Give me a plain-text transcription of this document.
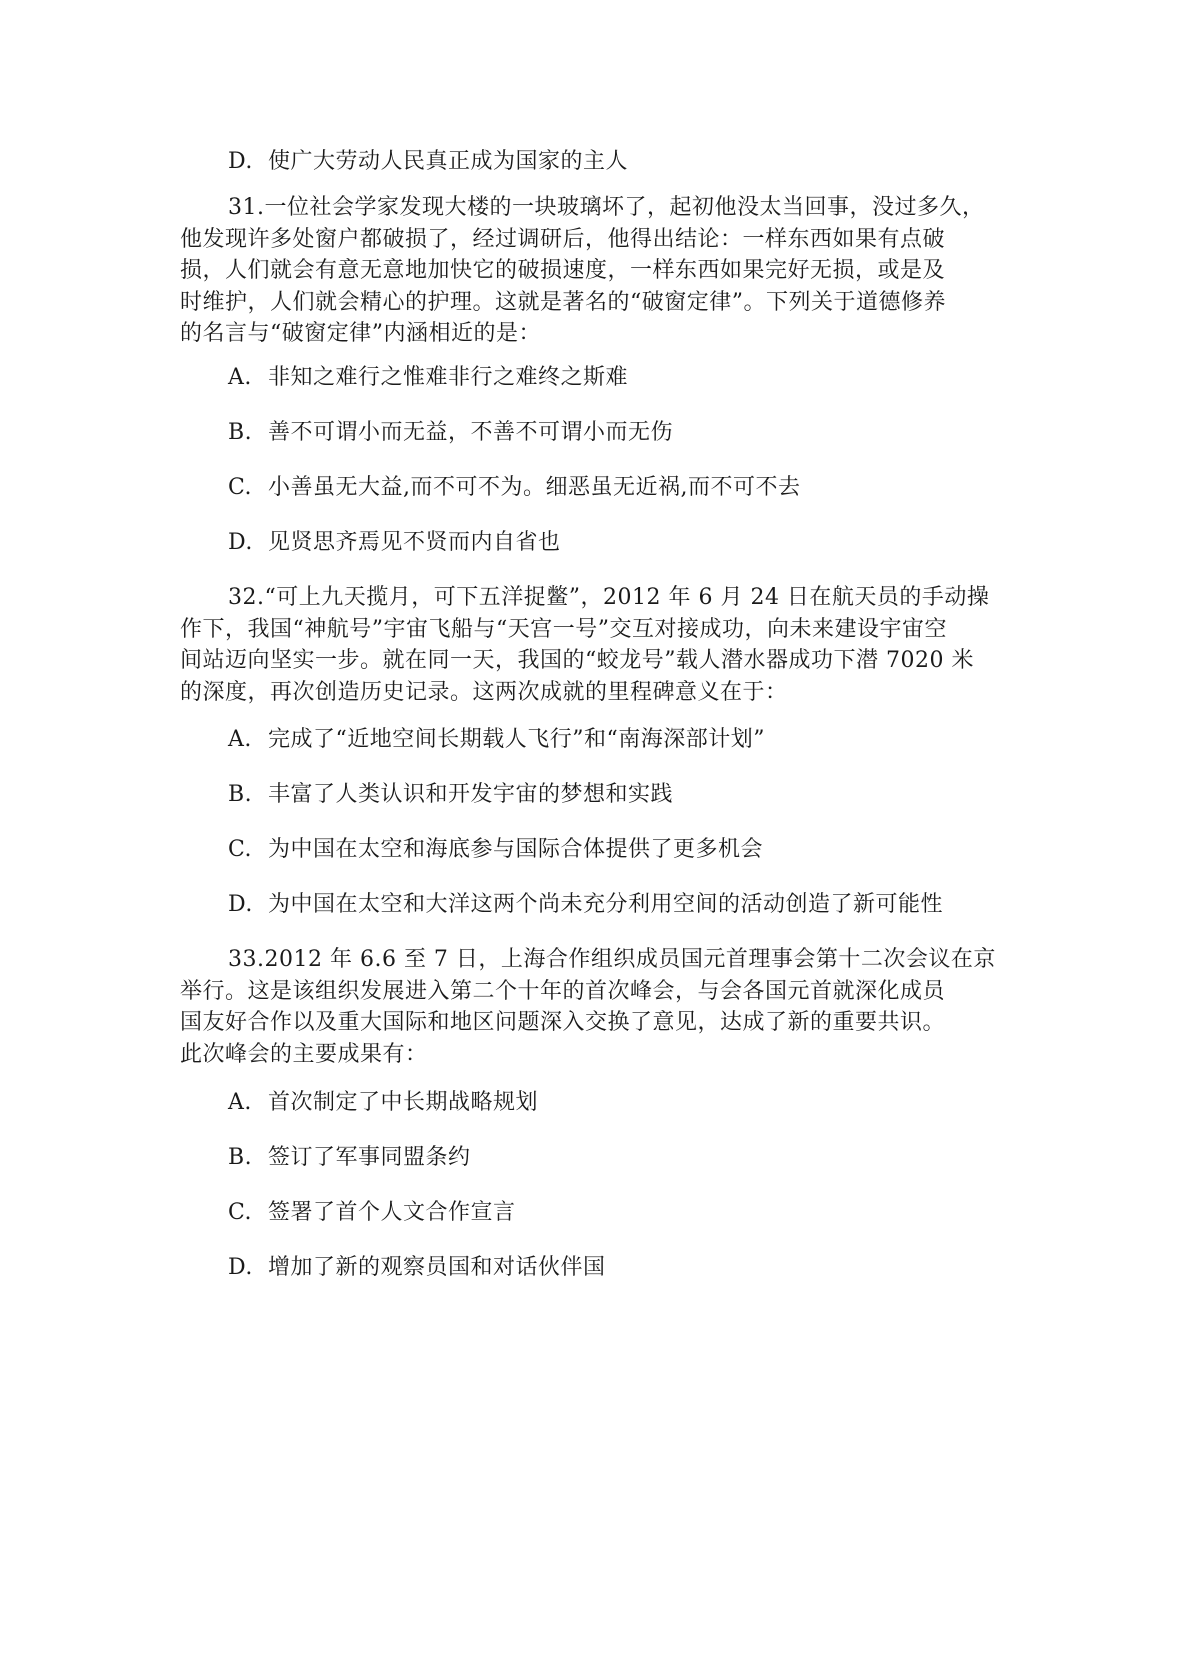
D. 使广大劳动人民真正成为国家的主人
31.一位社会学家发现大楼的一块玻璃坏了，起初他没太当回事，没过多久，
他发现许多处窗户都破损了，经过调研后，他得出结论：一样东西如果有点破
损，人们就会有意无意地加快它的破损速度，一样东西如果完好无损，或是及
时维护，人们就会精心的护理。这就是著名的“破窗定律”。下列关于道德修养
的名言与“破窗定律”内涵相近的是：
A. 非知之难行之惟难非行之难终之斯难
B. 善不可谓小而无益，不善不可谓小而无伤
C. 小善虽无大益,而不可不为。细恶虽无近祸,而不可不去
D. 见贤思齐焉见不贤而内自省也
32.“可上九天揽月，可下五洋捉鳖”，2012 年 6 月 24 日在航天员的手动操
作下，我国“神航号”宇宙飞船与“天宫一号”交互对接成功，向未来建设宇宙空
间站迈向坚实一步。就在同一天，我国的“蛟龙号”载人潜水器成功下潜 7020 米
的深度，再次创造历史记录。这两次成就的里程碑意义在于：
A. 完成了“近地空间长期载人飞行”和“南海深部计划”
B. 丰富了人类认识和开发宇宙的梦想和实践
C. 为中国在太空和海底参与国际合体提供了更多机会
D. 为中国在太空和大洋这两个尚未充分利用空间的活动创造了新可能性
33.2012 年 6.6 至 7 日，上海合作组织成员国元首理事会第十二次会议在京
举行。这是该组织发展进入第二个十年的首次峰会，与会各国元首就深化成员
国友好合作以及重大国际和地区问题深入交换了意见，达成了新的重要共识。
此次峰会的主要成果有：
A. 首次制定了中长期战略规划
B. 签订了军事同盟条约
C. 签署了首个人文合作宣言
D. 增加了新的观察员国和对话伙伴国
